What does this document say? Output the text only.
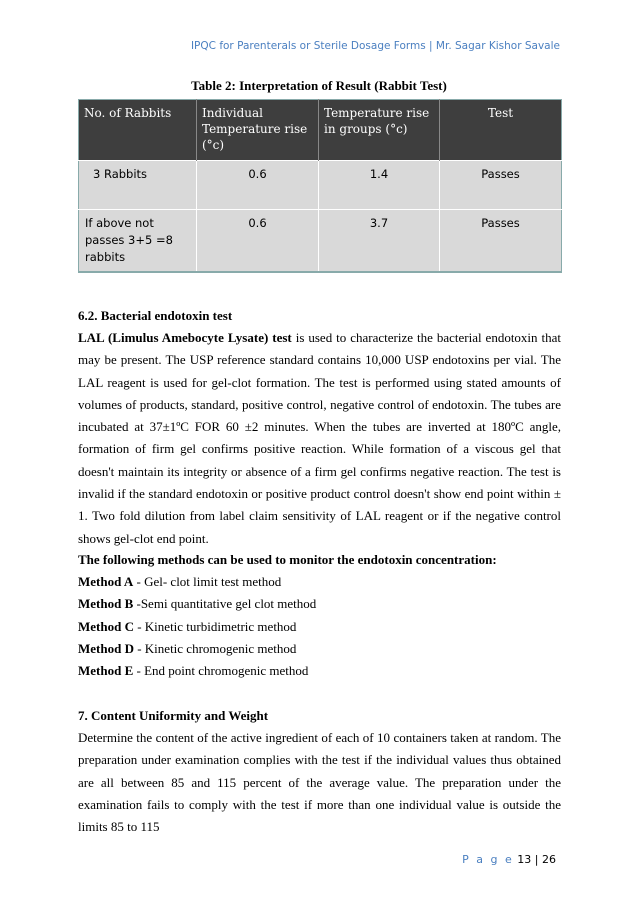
IPQC for Parenterals or Sterile Dosage Forms | Mr. Sagar Kishor Savale
Table 2: Interpretation of Result (Rabbit Test)
No. of Rabbits	Individual Temperature rise (°c)	Temperature rise in groups (°c)	Test
3 Rabbits	0.6	1.4	Passes
If above not passes 3+5 =8 rabbits	0.6	3.7	Passes
6.2. Bacterial endotoxin test
LAL (Limulus Amebocyte Lysate) test is used to characterize the bacterial endotoxin that may be present. The USP reference standard contains 10,000 USP endotoxins per vial. The LAL reagent is used for gel-clot formation. The test is performed using stated amounts of volumes of products, standard, positive control, negative control of endotoxin. The tubes are incubated at 37±1ºC FOR 60 ±2 minutes. When the tubes are inverted at 180ºC angle, formation of firm gel confirms positive reaction. While formation of a viscous gel that doesn't maintain its integrity or absence of a firm gel confirms negative reaction. The test is invalid if the standard endotoxin or positive product control doesn't show end point within ± 1. Two fold dilution from label claim sensitivity of LAL reagent or if the negative control shows gel-clot end point.
The following methods can be used to monitor the endotoxin concentration:
Method A - Gel- clot limit test method
Method B -Semi quantitative gel clot method
Method C - Kinetic turbidimetric method
Method D - Kinetic chromogenic method
Method E - End point chromogenic method
7. Content Uniformity and Weight
Determine the content of the active ingredient of each of 10 containers taken at random. The preparation under examination complies with the test if the individual values thus obtained are all between 85 and 115 percent of the average value. The preparation under the examination fails to comply with the test if more than one individual value is outside the limits 85 to 115
P a g e 13 | 26
